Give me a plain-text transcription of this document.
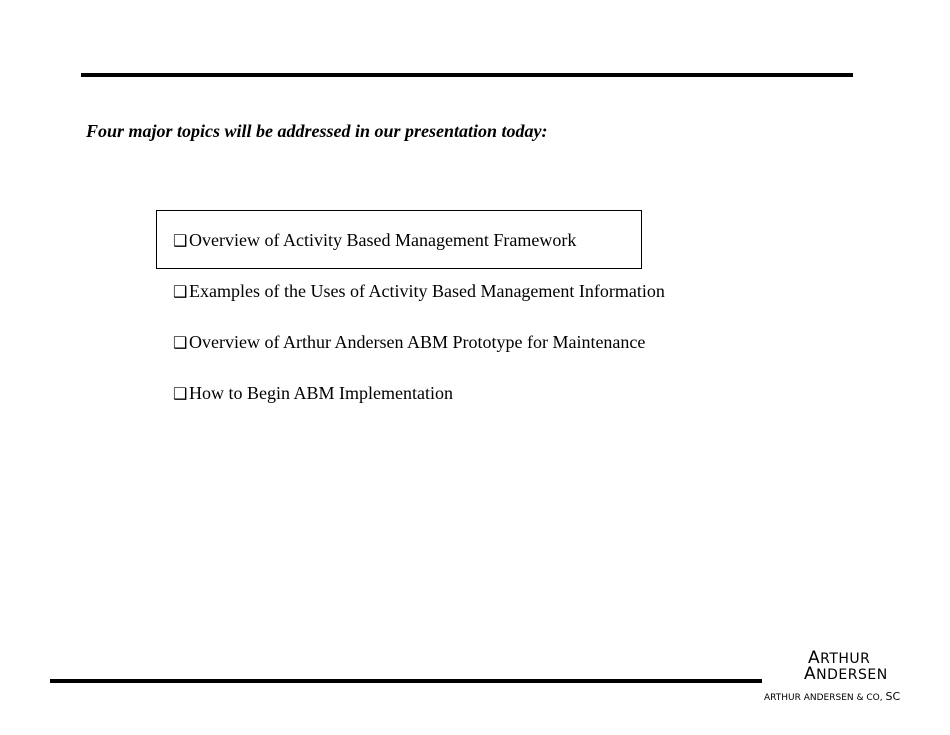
Four major topics will be addressed in our presentation today:
❑Overview of Activity Based Management Framework
❑Examples of the Uses of Activity Based Management Information
❑Overview of Arthur Andersen ABM Prototype for Maintenance
❑How to Begin ABM Implementation
ARTHUR
ANDERSEN
ARTHUR ANDERSEN & CO, SC
